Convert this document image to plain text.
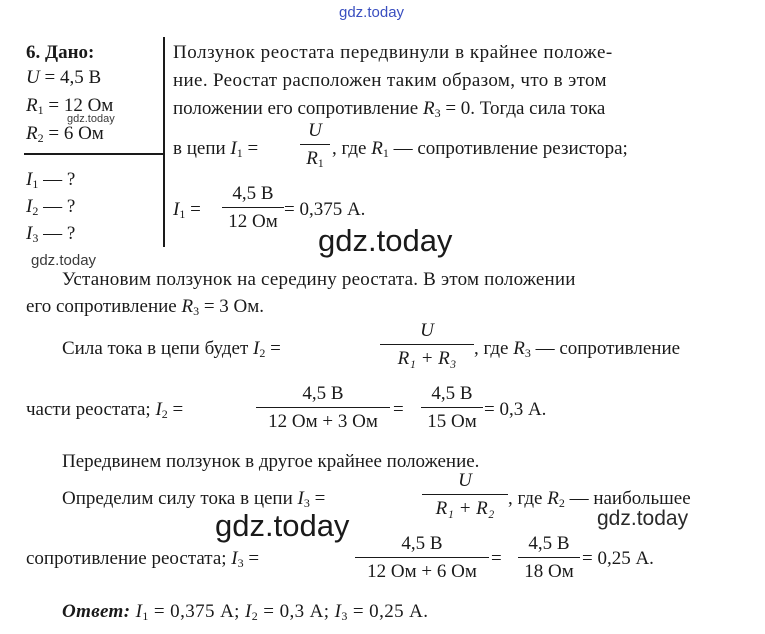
gdz.today
gdz.today
gdz.today
gdz.today
gdz.today	gdz.today
6. Дано:
U = 4,5 В
$R_1 = 12$ Ом
$R_2 = 6$ Ом
$I_1$ — ?
$I_2$ — ?
$I_3$ — ?
Ползунок реостата передвинули в крайнее положе-
ние. Реостат расположен таким образом, что в этом
положении его сопротивление $R_3 = 0$. Тогда сила тока
в цепи $I_1$ =
U
$R_1$
, где $R_1$ — сопротивление резистора;
$I_1$ =
4,5 В
12 Ом
= 0,375 А.
Установим ползунок на середину реостата. В этом положении
его сопротивление $R_3 = 3$ Ом.
Сила тока в цепи будет $I_2$ =
U
R₁ + R₃ , где $R_3$ — сопротивление
части реостата; $I_2$ =
4,5 В
12 Ом + 3 Ом
=
4,5 В
15 Ом
= 0,3 А.
Передвинем ползунок в другое крайнее положение.
Определим силу тока в цепи $I_3$ =
U
R₁ + R₂ , где $R_2$ — наибольшее
сопротивление реостата; $I_3$ =
4,5 В
12 Ом + 6 Ом
=
4,5 В
18 Ом
= 0,25 А.
Ответ: $I_1 = 0,375$ А; $I_2 = 0,3$ А; $I_3 = 0,25$ А.
